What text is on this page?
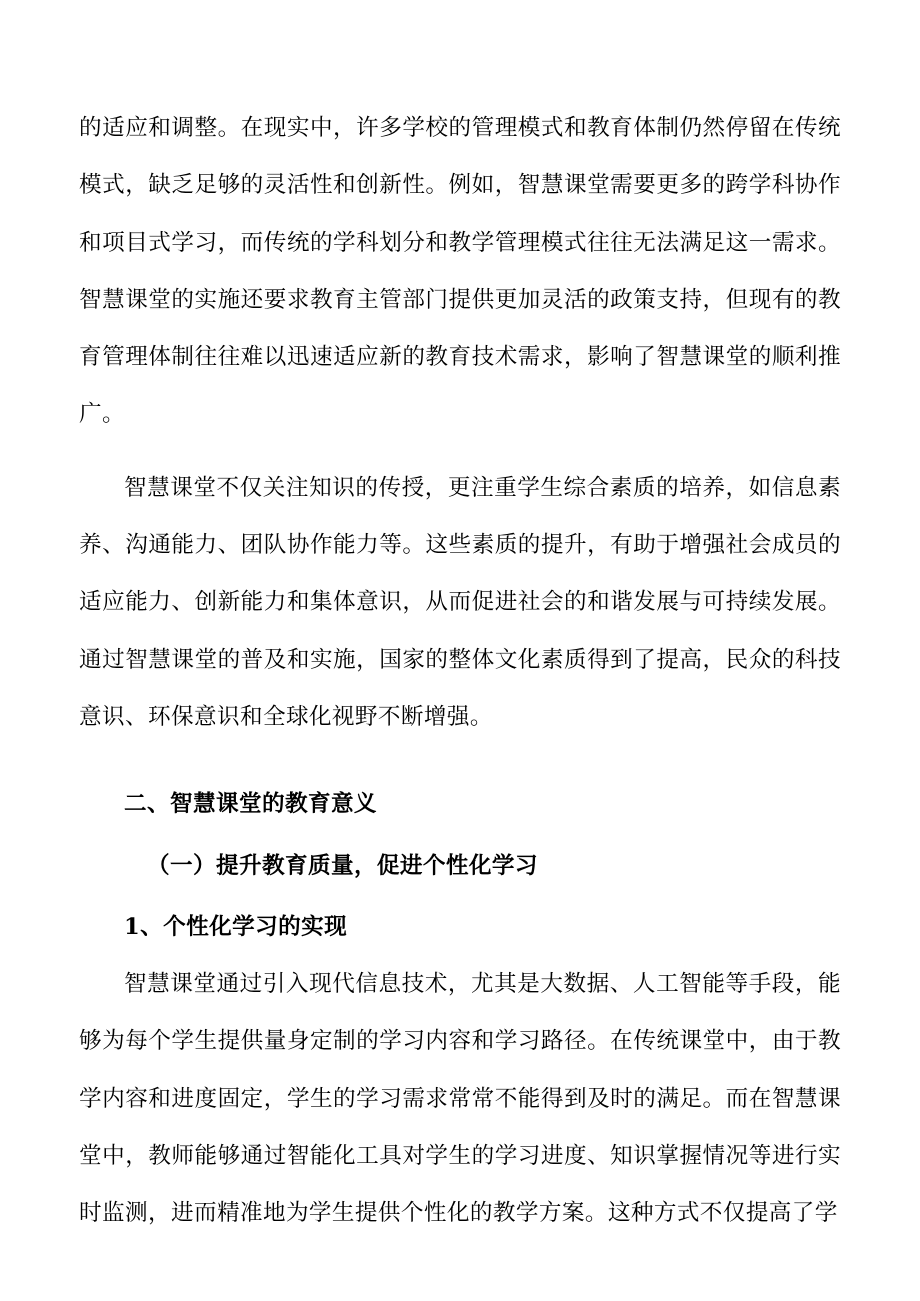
的适应和调整。在现实中，许多学校的管理模式和教育体制仍然停留在传统模式，缺乏足够的灵活性和创新性。例如，智慧课堂需要更多的跨学科协作和项目式学习，而传统的学科划分和教学管理模式往往无法满足这一需求。智慧课堂的实施还要求教育主管部门提供更加灵活的政策支持，但现有的教育管理体制往往难以迅速适应新的教育技术需求，影响了智慧课堂的顺利推广。

智慧课堂不仅关注知识的传授，更注重学生综合素质的培养，如信息素养、沟通能力、团队协作能力等。这些素质的提升，有助于增强社会成员的适应能力、创新能力和集体意识，从而促进社会的和谐发展与可持续发展。通过智慧课堂的普及和实施，国家的整体文化素质得到了提高，民众的科技意识、环保意识和全球化视野不断增强。

二、智慧课堂的教育意义
（一）提升教育质量，促进个性化学习
1、个性化学习的实现

智慧课堂通过引入现代信息技术，尤其是大数据、人工智能等手段，能够为每个学生提供量身定制的学习内容和学习路径。在传统课堂中，由于教学内容和进度固定，学生的学习需求常常不能得到及时的满足。而在智慧课堂中，教师能够通过智能化工具对学生的学习进度、知识掌握情况等进行实时监测，进而精准地为学生提供个性化的教学方案。这种方式不仅提高了学
